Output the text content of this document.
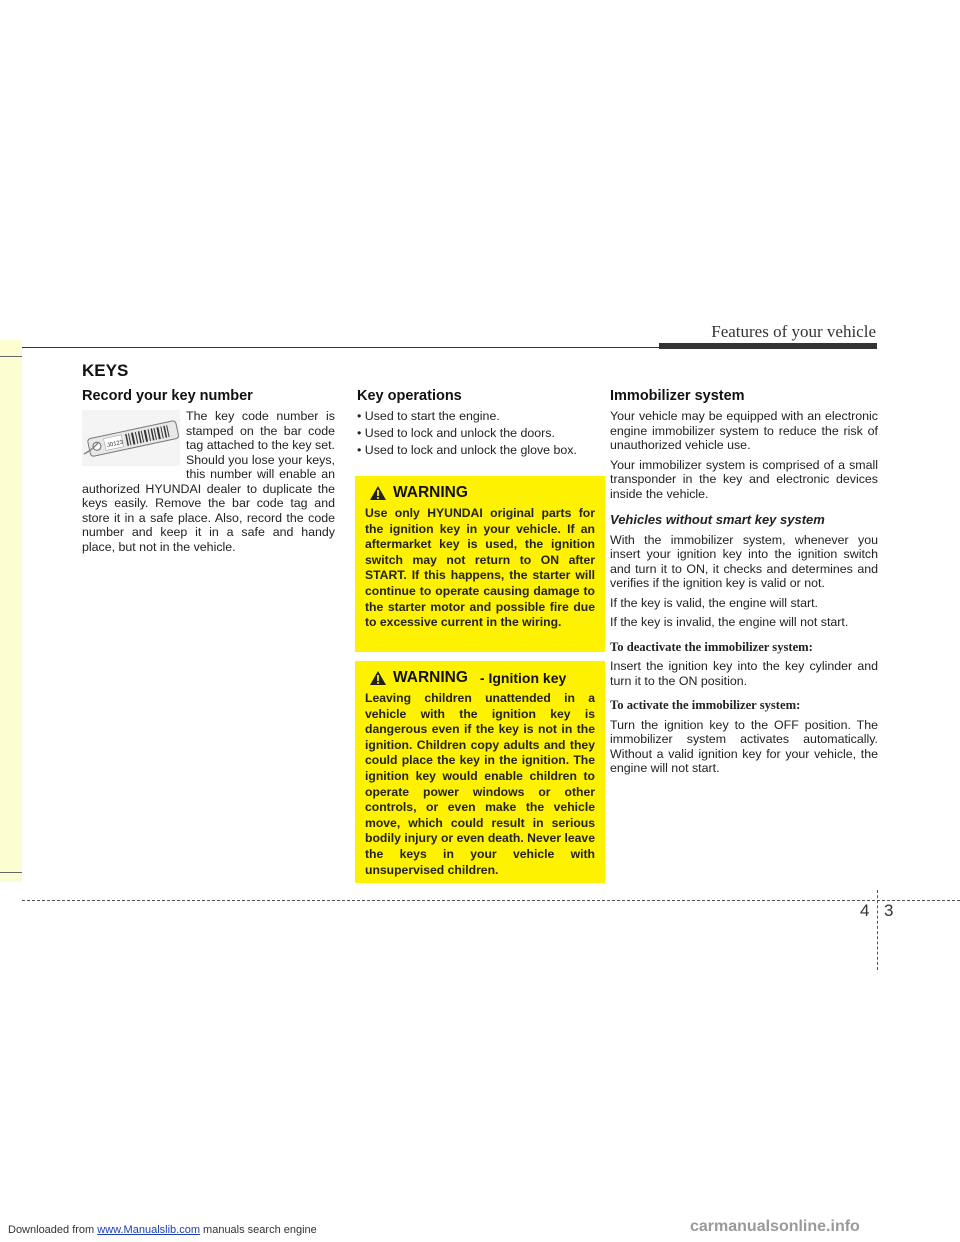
Features of your vehicle
KEYS
Record your key number
J0123
The key code number is stamped on the bar code tag attached to the key set. Should you lose your keys, this number will enable an authorized HYUNDAI dealer to duplicate the keys easily. Remove the bar code tag and store it in a safe place. Also, record the code number and keep it in a safe and handy place, but not in the vehicle.
Key operations
• Used to start the engine.
• Used to lock and unlock the doors.
• Used to lock and unlock the glove box.
WARNING
Use only HYUNDAI original parts for the ignition key in your vehicle. If an aftermarket key is used, the ignition switch may not return to ON after START. If this happens, the starter will continue to operate causing damage to the starter motor and possible fire due to excessive current in the wiring.
WARNING - Ignition key
Leaving children unattended in a vehicle with the ignition key is dangerous even if the key is not in the ignition. Children copy adults and they could place the key in the ignition. The ignition key would enable children to operate power windows or other controls, or even make the vehicle move, which could result in serious bodily injury or even death. Never leave the keys in your vehicle with unsupervised children.
Immobilizer system

Your vehicle may be equipped with an electronic engine immobilizer system to reduce the risk of unauthorized vehicle use.

Your immobilizer system is comprised of a small transponder in the key and electronic devices inside the vehicle.

Vehicles without smart key system

With the immobilizer system, whenever you insert your ignition key into the ignition switch and turn it to ON, it checks and determines and verifies if the ignition key is valid or not.

If the key is valid, the engine will start.

If the key is invalid, the engine will not start.

To deactivate the immobilizer system:

Insert the ignition key into the key cylinder and turn it to the ON position.

To activate the immobilizer system:

Turn the ignition key to the OFF position. The immobilizer system activates automatically. Without a valid ignition key for your vehicle, the engine will not start.

4 3
Downloaded from www.Manualslib.com manuals search engine	carmanualsonline.info
